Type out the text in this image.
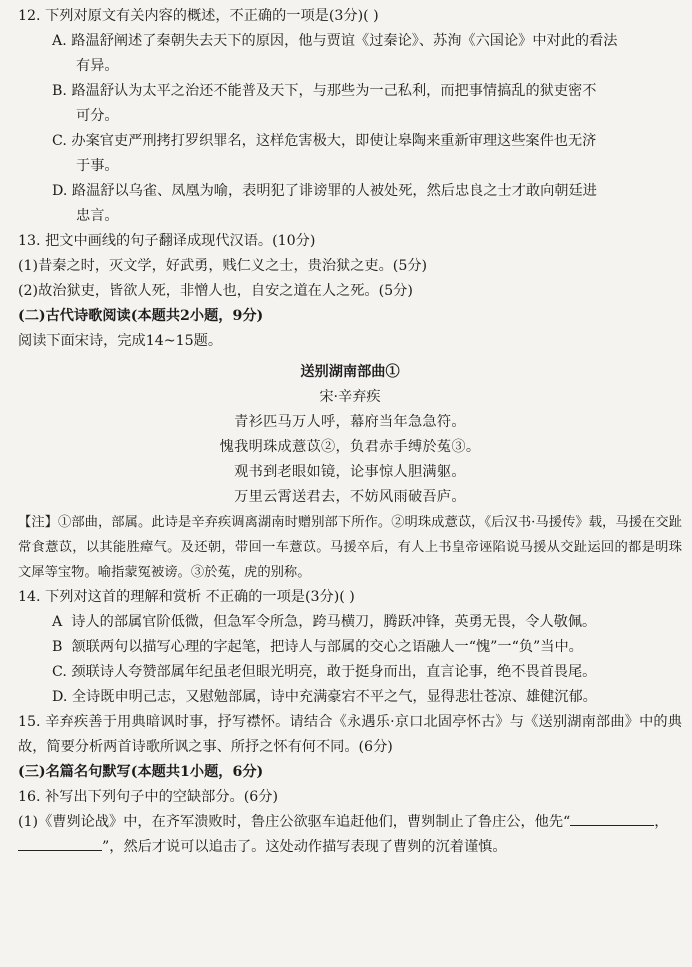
12. 下列对原文有关内容的概述，不正确的一项是(3分)( )
A. 路温舒阐述了秦朝失去天下的原因，他与贾谊《过秦论》、苏洵《六国论》中对此的看法
有异。
B. 路温舒认为太平之治还不能普及天下，与那些为一己私利，而把事情搞乱的狱吏密不
可分。
C. 办案官吏严刑拷打罗织罪名，这样危害极大，即使让皋陶来重新审理这些案件也无济
于事。
D. 路温舒以乌雀、凤凰为喻，表明犯了诽谤罪的人被处死，然后忠良之士才敢向朝廷进
忠言。
13. 把文中画线的句子翻译成现代汉语。(10分)
(1)昔秦之时，灭文学，好武勇，贱仁义之士，贵治狱之吏。(5分)
(2)故治狱吏，皆欲人死，非憎人也，自安之道在人之死。(5分)
(二)古代诗歌阅读(本题共2小题，9分)
阅读下面宋诗，完成14~15题。
送别湖南部曲①
宋·辛弃疾
青衫匹马万人呼，幕府当年急急符。
愧我明珠成薏苡②，负君赤手缚於菟③。
观书到老眼如镜，论事惊人胆满躯。
万里云霄送君去，不妨风雨破吾庐。
【注】①部曲，部属。此诗是辛弃疾调离湖南时赠别部下所作。②明珠成薏苡，《后汉书·马援传》载，马援在交趾常食薏苡，以其能胜瘴气。及还朝，带回一车薏苡。马援卒后，有人上书皇帝诬陷说马援从交趾运回的都是明珠文犀等宝物。喻指蒙冤被谤。③於菟，虎的别称。
14. 下列对这首的理解和赏析 不正确的一项是(3分)( )
A 诗人的部属官阶低微，但急军令所急，跨马横刀，腾跃冲锋，英勇无畏，令人敬佩。
B 颔联两句以描写心理的字起笔，把诗人与部属的交心之语融人一“愧”一“负”当中。
C. 颈联诗人夸赞部属年纪虽老但眼光明亮，敢于挺身而出，直言论事，绝不畏首畏尾。
D. 全诗既申明己志，又慰勉部属，诗中充满豪宕不平之气，显得悲壮苍凉、雄健沉郁。
15. 辛弃疾善于用典暗讽时事，抒写襟怀。请结合《永遇乐·京口北固亭怀古》与《送别湖南部曲》中的典故，简要分析两首诗歌所讽之事、所抒之怀有何不同。(6分)
(三)名篇名句默写(本题共1小题，6分)
16. 补写出下列句子中的空缺部分。(6分)
(1)《曹刿论战》中，在齐军溃败时，鲁庄公欲驱车追赶他们，曹刿制止了鲁庄公，他先“	，
”，然后才说可以追击了。这处动作描写表现了曹刿的沉着谨慎。
